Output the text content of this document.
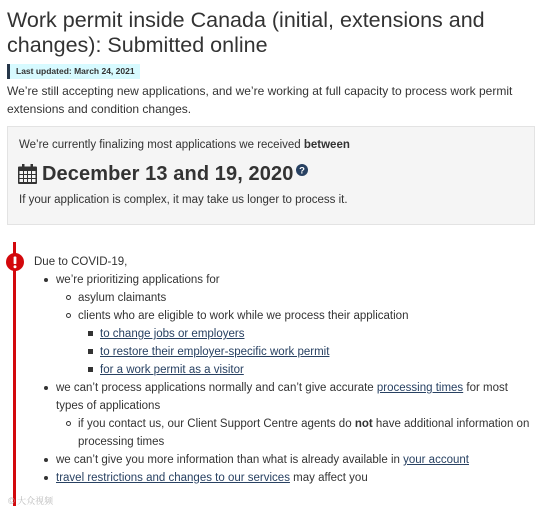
Work permit inside Canada (initial, extensions and changes): Submitted online
Last updated: March 24, 2021

We’re still accepting new applications, and we’re working at full capacity to process work permit extensions and condition changes.

We’re currently finalizing most applications we received between
December 13 and 19, 2020 ?
If your application is complex, it may take us longer to process it.
Due to COVID-19,
we’re prioritizing applications for
asylum claimants
clients who are eligible to work while we process their application
to change jobs or employers
to restore their employer-specific work permit
for a work permit as a visitor
we can’t process applications normally and can’t give accurate processing times for most types of applications
if you contact us, our Client Support Centre agents do not have additional information on processing times
we can’t give you more information than what is already available in your account
travel restrictions and changes to our services may affect you
© 大众视频
